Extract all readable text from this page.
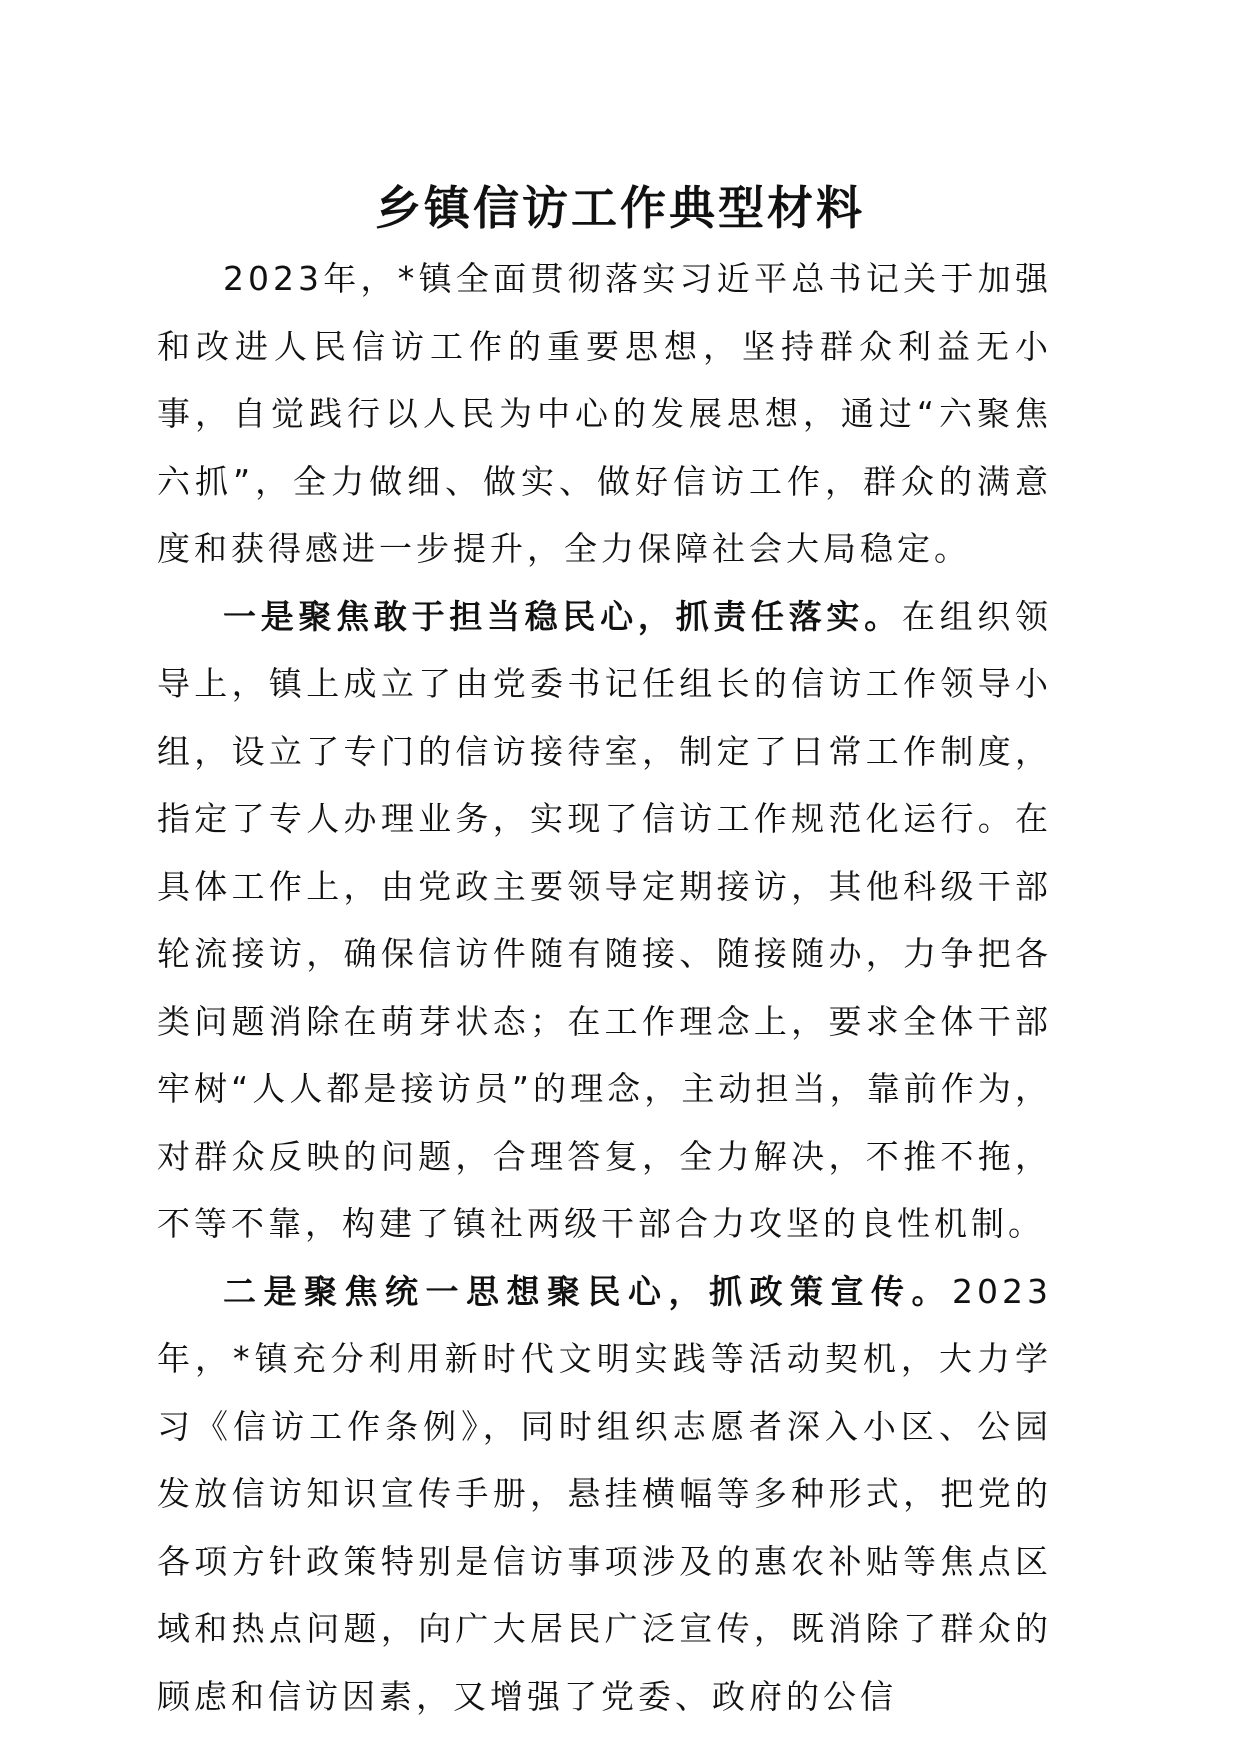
乡镇信访工作典型材料

2023年，*镇全面贯彻落实习近平总书记关于加强和改进人民信访工作的重要思想，坚持群众利益无小事，自觉践行以人民为中心的发展思想，通过“六聚焦六抓”，全力做细、做实、做好信访工作，群众的满意度和获得感进一步提升，全力保障社会大局稳定。

一是聚焦敢于担当稳民心，抓责任落实。在组织领导上，镇上成立了由党委书记任组长的信访工作领导小组，设立了专门的信访接待室，制定了日常工作制度，指定了专人办理业务，实现了信访工作规范化运行。在具体工作上，由党政主要领导定期接访，其他科级干部轮流接访，确保信访件随有随接、随接随办，力争把各类问题消除在萌芽状态；在工作理念上，要求全体干部牢树“人人都是接访员”的理念，主动担当，靠前作为，对群众反映的问题，合理答复，全力解决，不推不拖，不等不靠，构建了镇社两级干部合力攻坚的良性机制。

二是聚焦统一思想聚民心，抓政策宣传。2023年，*镇充分利用新时代文明实践等活动契机，大力学习《信访工作条例》，同时组织志愿者深入小区、公园发放信访知识宣传手册，悬挂横幅等多种形式，把党的各项方针政策特别是信访事项涉及的惠农补贴等焦点区域和热点问题，向广大居民广泛宣传，既消除了群众的顾虑和信访因素，又增强了党委、政府的公信
